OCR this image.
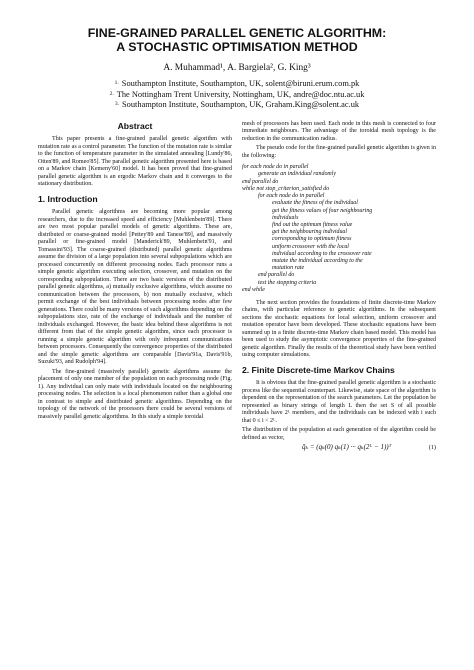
FINE-GRAINED PARALLEL GENETIC ALGORITHM:
A STOCHASTIC OPTIMISATION METHOD
A. Muhammad¹, A. Bargiela², G. King³
$^{1.}$ Southampton Institute, Southampton, UK, solent@biruni.erum.com.pk
$^{2.}$ The Nottingham Trent University, Nottingham, UK, andre@doc.ntu.ac.uk
$^{3.}$ Southampton Institute, Southampton, UK, Graham.King@solent.ac.uk
Abstract

This paper presents a fine-grained parallel genetic algorithm with mutation rate as a control parameter. The function of the mutation rate is similar to the function of temperature parameter in the simulated annealing [Lundy'86, Otten'89, and Romeo'85]. The parallel genetic algorithm presented here is based on a Markov chain [Kemeny'60] model. It has been proved that fine-grained parallel genetic algorithm is an ergodic Markov chain and it converges to the stationary distribution.

1. Introduction

Parallel genetic algorithms are becoming more popular among researchers, due to the increased speed and efficiency [Muhlenbein'89]. There are two most popular parallel models of genetic algorithms. These are, distributed or coarse-grained model [Pettey'89 and Tanese'89], and massively parallel or fine-grained model [Manderick'89, Muhlenbein'91, and Tomassini'93]. The coarse-grained (distributed) parallel genetic algorithms assume the division of a large population into several subpopulations which are processed concurrently on different processing nodes. Each processor runs a simple genetic algorithm executing selection, crossover, and mutation on the corresponding subpopulation. There are two basic versions of the distributed parallel genetic algorithms, a) mutually exclusive algorithms, which assume no communication between the processors, b) non mutually exclusive, which permit exchange of the best individuals between processing nodes after few generations. There could be many versions of such algorithms depending on the subpopulations size, rate of the exchange of individuals and the number of individuals exchanged. However, the basic idea behind these algorithms is not different from that of the simple genetic algorithm, since each processor is running a simple genetic algorithm with only infrequent communications between processors. Consequently the convergence properties of the distributed and the simple genetic algorithms are comparable [Davis'91a, Davis'91b, Suzuki'93, and Rudolph'94].

The fine-grained (massively parallel) genetic algorithms assume the placement of only one member of the population on each processing node (Fig. 1). Any individual can only mate with individuals located on the neighbouring processing nodes. The selection is a local phenomenon rather than a global one in contrast to simple and distributed genetic algorithms. Depending on the topology of the network of the processors there could be several versions of massively parallel genetic algorithms. In this study a simple toroidal

mesh of processors has been used. Each node in this mesh is connected to four immediate neighbours. The advantage of the toroidal mesh topology is the reduction in the communication radius.

The pseudo code for the fine-grained parallel genetic algorithm is given in the following:

for each node do in parallel
generate an individual randomly
end parallel do
while not stop_criterion_satisfied do
for each node do in parallel
evaluate the fitness of the individual
get the fitness values of four neighbouring
individuals
find out the optimum fitness value
get the neighbouring individual
corresponding to optimum fitness
uniform crossover with the local
individual according to the crossover rate
mutate the individual according to the
mutation rate
end parallel do
test the stopping criteria
end while

The next section provides the foundations of finite discrete-time Markov chains, with particular reference to genetic algorithms. In the subsequent sections the stochastic equations for local selection, uniform crossover and mutation operator have been developed. These stochastic equations have been summed up in a finite discrete-time Markov chain based model. This model has been used to study the asymptotic convergence properties of the fine-grained genetic algorithm. Finally the results of the theoretical study have been verified using computer simulations.

2. Finite Discrete-time Markov Chains

It is obvious that the fine-grained parallel genetic algorithm is a stochastic process like the sequential counterpart. Likewise, state space of the algorithm is dependent on the representation of the search parameters. Let the population be represented as binary strings of length L then the set S of all possible individuals have 2ᴸ members, and the individuals can be indexed with i such that 0 ≤ i < 2ᴸ.

The distribution of the population at each generation of the algorithm could be defined as vector,

q̄ₖ = (qₖ(0) qₖ(1) ··· qₖ(2ᴸ − 1))ᵀ	(1)
